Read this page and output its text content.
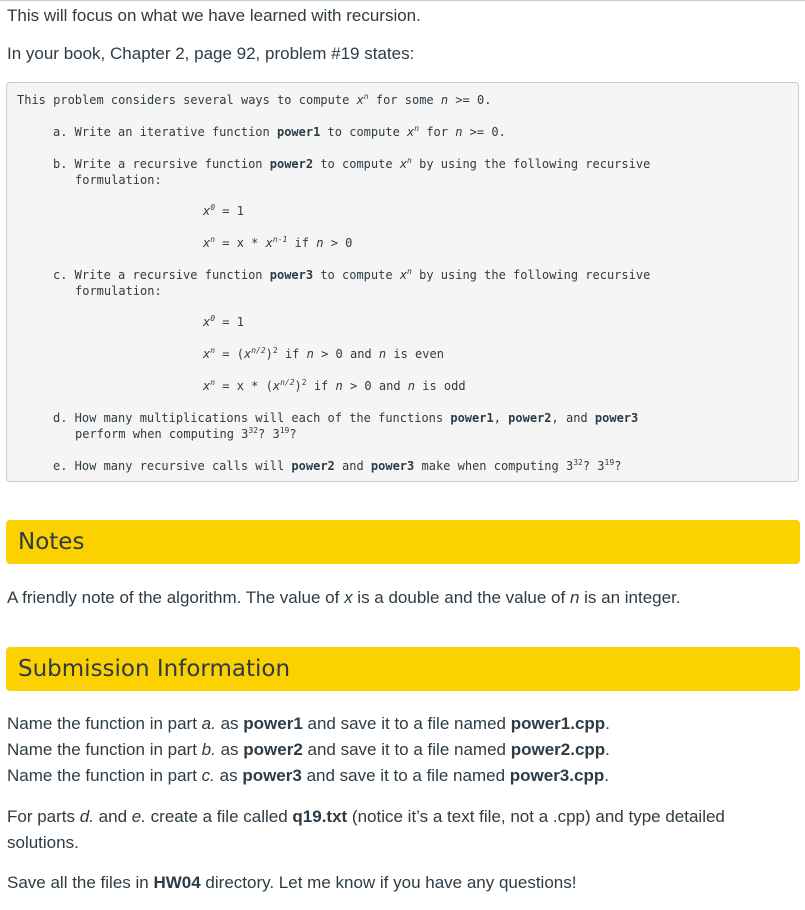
This will focus on what we have learned with recursion.

In your book, Chapter 2, page 92, problem #19 states:

This problem considers several ways to compute $x^n$ for some n >= 0.
a. Write an iterative function power1 to compute $x^n$ for n >= 0.
b. Write a recursive function power2 to compute $x^n$ by using the following recursive
formulation:
$x^0 = 1$
$x^n = x * x^{n-1}$ if n > 0
c. Write a recursive function power3 to compute $x^n$ by using the following recursive
formulation:
$x^0 = 1$
$x^n = (x^{n/2})^2$ if n > 0 and n is even
$x^n = x * (x^{n/2})^2$ if n > 0 and n is odd
d. How many multiplications will each of the functions power1, power2, and power3
perform when computing $3^{32}$? $3^{19}$?
e. How many recursive calls will power2 and power3 make when computing $3^{32}$? $3^{19}$?
Notes

A friendly note of the algorithm. The value of x is a double and the value of n is an integer.

Submission Information

Name the function in part a. as power1 and save it to a file named power1.cpp.

Name the function in part b. as power2 and save it to a file named power2.cpp.

Name the function in part c. as power3 and save it to a file named power3.cpp.

For parts d. and e. create a file called q19.txt (notice it’s a text file, not a .cpp) and type detailed

solutions.

Save all the files in HW04 directory. Let me know if you have any questions!
